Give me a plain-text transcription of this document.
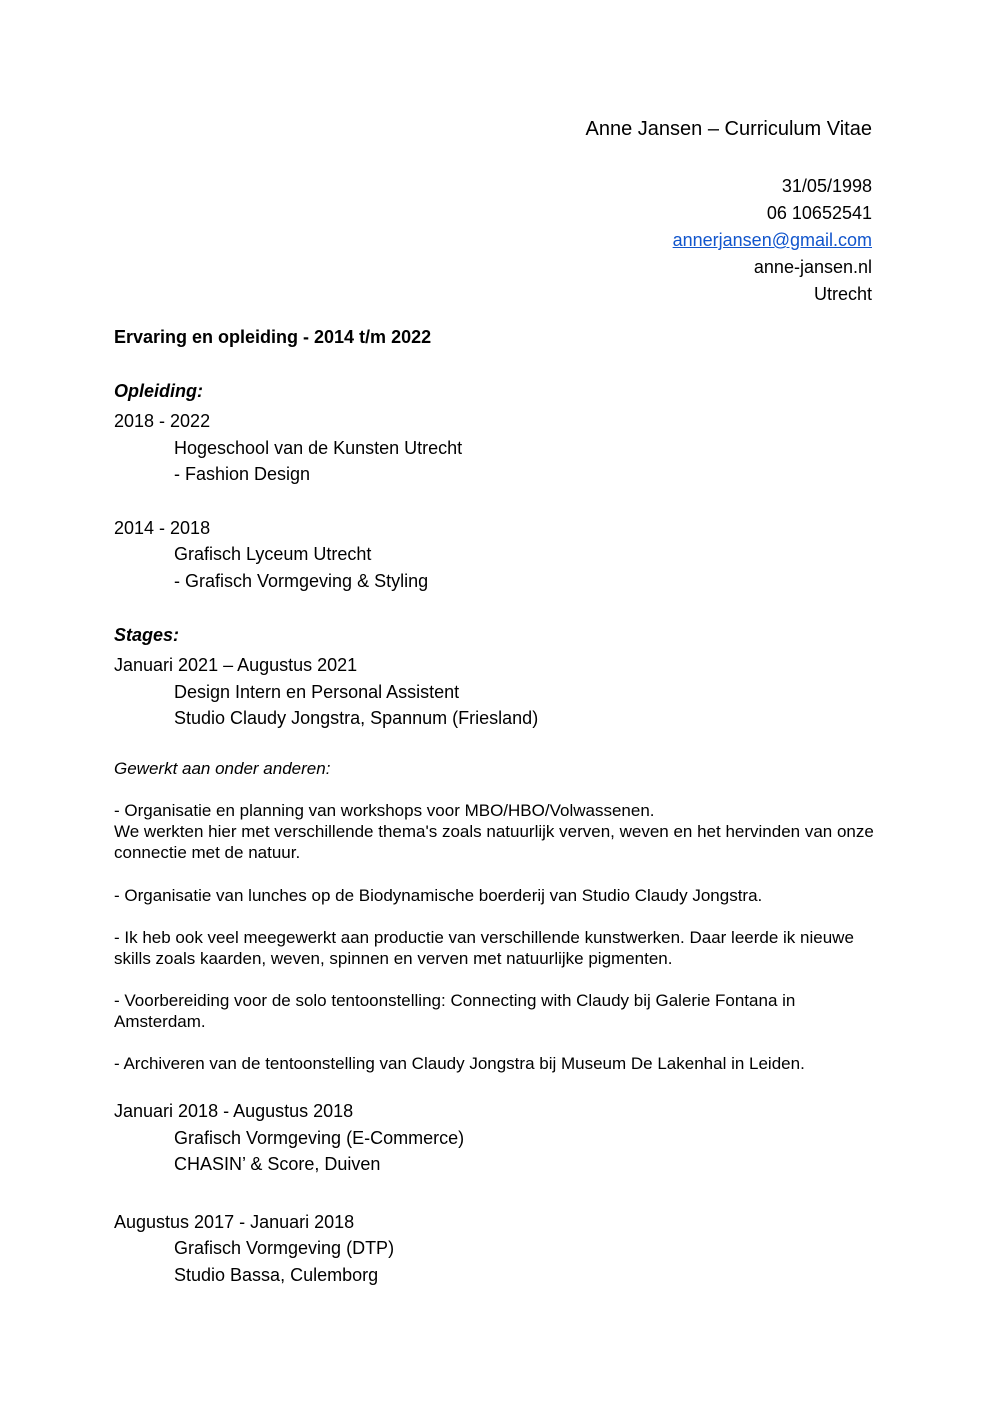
Anne Jansen – Curriculum Vitae
31/05/1998
06 10652541
annerjansen@gmail.com
anne-jansen.nl
Utrecht
Ervaring en opleiding - 2014 t/m 2022
Opleiding:
2018 - 2022
Hogeschool van de Kunsten Utrecht
- Fashion Design
2014 - 2018
Grafisch Lyceum Utrecht
- Grafisch Vormgeving & Styling
Stages:
Januari 2021 – Augustus 2021
Design Intern en Personal Assistent
Studio Claudy Jongstra, Spannum (Friesland)
Gewerkt aan onder anderen:
- Organisatie en planning van workshops voor MBO/HBO/Volwassenen.
We werkten hier met verschillende thema's zoals natuurlijk verven, weven en het hervinden van onze connectie met de natuur.
- Organisatie van lunches op de Biodynamische boerderij van Studio Claudy Jongstra.
- Ik heb ook veel meegewerkt aan productie van verschillende kunstwerken. Daar leerde ik nieuwe skills zoals kaarden, weven, spinnen en verven met natuurlijke pigmenten.
- Voorbereiding voor de solo tentoonstelling: Connecting with Claudy bij Galerie Fontana in Amsterdam.
- Archiveren van de tentoonstelling van Claudy Jongstra bij Museum De Lakenhal in Leiden.
Januari 2018 - Augustus 2018
Grafisch Vormgeving (E-Commerce)
CHASIN’ & Score, Duiven
Augustus 2017 - Januari 2018
Grafisch Vormgeving (DTP)
Studio Bassa, Culemborg
